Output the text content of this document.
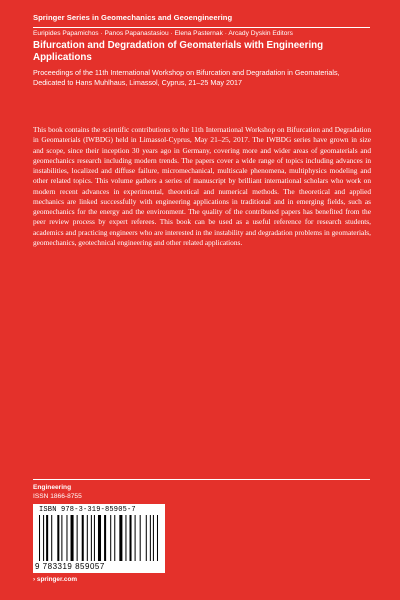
Springer Series in Geomechanics and Geoengineering
Euripides Papamichos · Panos Papanastasiou · Elena Pasternak · Arcady Dyskin Editors
Bifurcation and Degradation of Geomaterials with Engineering Applications
Proceedings of the 11th International Workshop on Bifurcation and Degradation in Geomaterials, Dedicated to Hans Muhlhaus, Limassol, Cyprus, 21–25 May 2017
This book contains the scientific contributions to the 11th International Workshop on Bifurcation and Degradation in Geomaterials (IWBDG) held in Limassol-Cyprus, May 21–25, 2017. The IWBDG series have grown in size and scope, since their inception 30 years ago in Germany, covering more and wider areas of geomaterials and geomechanics research including modern trends. The papers cover a wide range of topics including advances in instabilities, localized and diffuse failure, micromechanical, multiscale phenomena, multiphysics modeling and other related topics. This volume gathers a series of manuscript by brilliant international scholars who work on modern recent advances in experimental, theoretical and numerical methods. The theoretical and applied mechanics are linked successfully with engineering applications in traditional and in emerging fields, such as geomechanics for the energy and the environment. The quality of the contributed papers has benefited from the peer review process by expert referees. This book can be used as a useful reference for research students, academics and practicing engineers who are interested in the instability and degradation problems in geomaterials, geomechanics, geotechnical engineering and other related applications.
Engineering
ISSN 1866-8755
ISBN 978-3-319-85905-7
9 783319 859057
› springer.com
